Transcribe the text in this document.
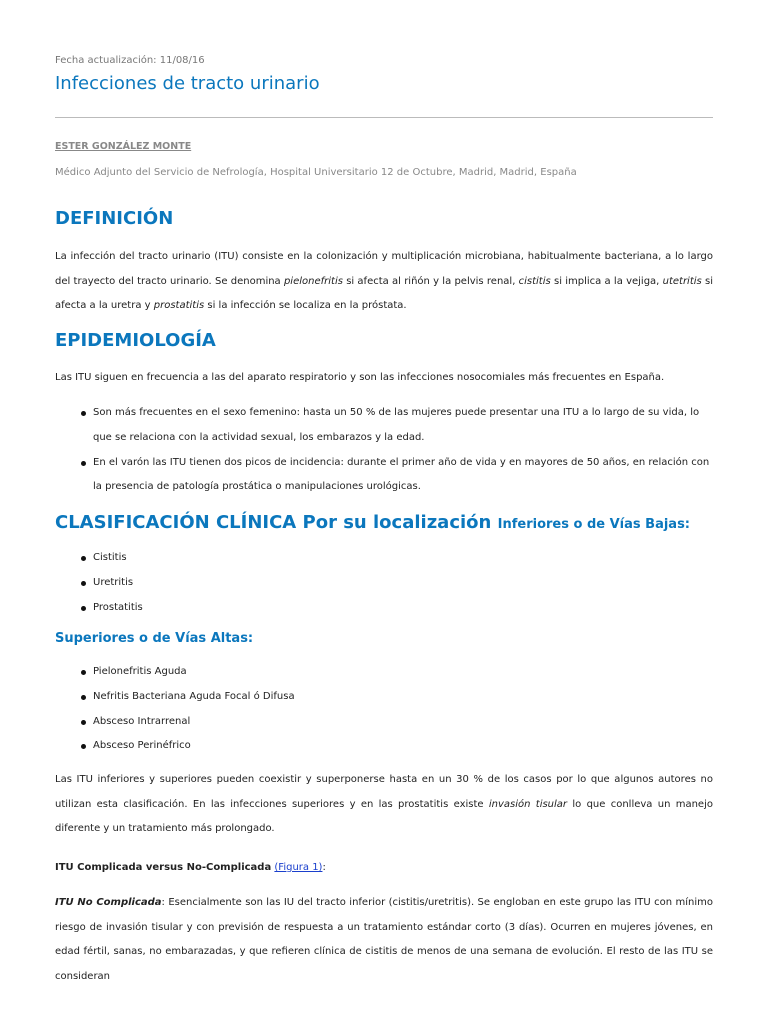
Fecha actualización: 11/08/16
Infecciones de tracto urinario
ESTER GONZÁLEZ MONTE
Médico Adjunto del Servicio de Nefrología, Hospital Universitario 12 de Octubre, Madrid, Madrid, España
DEFINICIÓN

La infección del tracto urinario (ITU) consiste en la colonización y multiplicación microbiana, habitualmente bacteriana, a lo largo del trayecto del tracto urinario. Se denomina pielonefritis si afecta al riñón y la pelvis renal, cistitis si implica a la vejiga, utetritis si afecta a la uretra y prostatitis si la infección se localiza en la próstata.

EPIDEMIOLOGÍA

Las ITU siguen en frecuencia a las del aparato respiratorio y son las infecciones nosocomiales más frecuentes en España.

Son más frecuentes en el sexo femenino: hasta un 50 % de las mujeres puede presentar una ITU a lo largo de su vida, lo que se relaciona con la actividad sexual, los embarazos y la edad.
En el varón las ITU tienen dos picos de incidencia: durante el primer año de vida y en mayores de 50 años, en relación con la presencia de patología prostática o manipulaciones urológicas.
CLASIFICACIÓN CLÍNICA Por su localización Inferiores o de Vías Bajas:
Cistitis
Uretritis
Prostatitis
Superiores o de Vías Altas:
Pielonefritis Aguda
Nefritis Bacteriana Aguda Focal ó Difusa
Absceso Intrarrenal
Absceso Perinéfrico

Las ITU inferiores y superiores pueden coexistir y superponerse hasta en un 30 % de los casos por lo que algunos autores no utilizan esta clasificación. En las infecciones superiores y en las prostatitis existe invasión tisular lo que conlleva un manejo diferente y un tratamiento más prolongado.

ITU Complicada versus No-Complicada (Figura 1):

ITU No Complicada: Esencialmente son las IU del tracto inferior (cistitis/uretritis). Se engloban en este grupo las ITU con mínimo riesgo de invasión tisular y con previsión de respuesta a un tratamiento estándar corto (3 días). Ocurren en mujeres jóvenes, en edad fértil, sanas, no embarazadas, y que refieren clínica de cistitis de menos de una semana de evolución. El resto de las ITU se consideran
